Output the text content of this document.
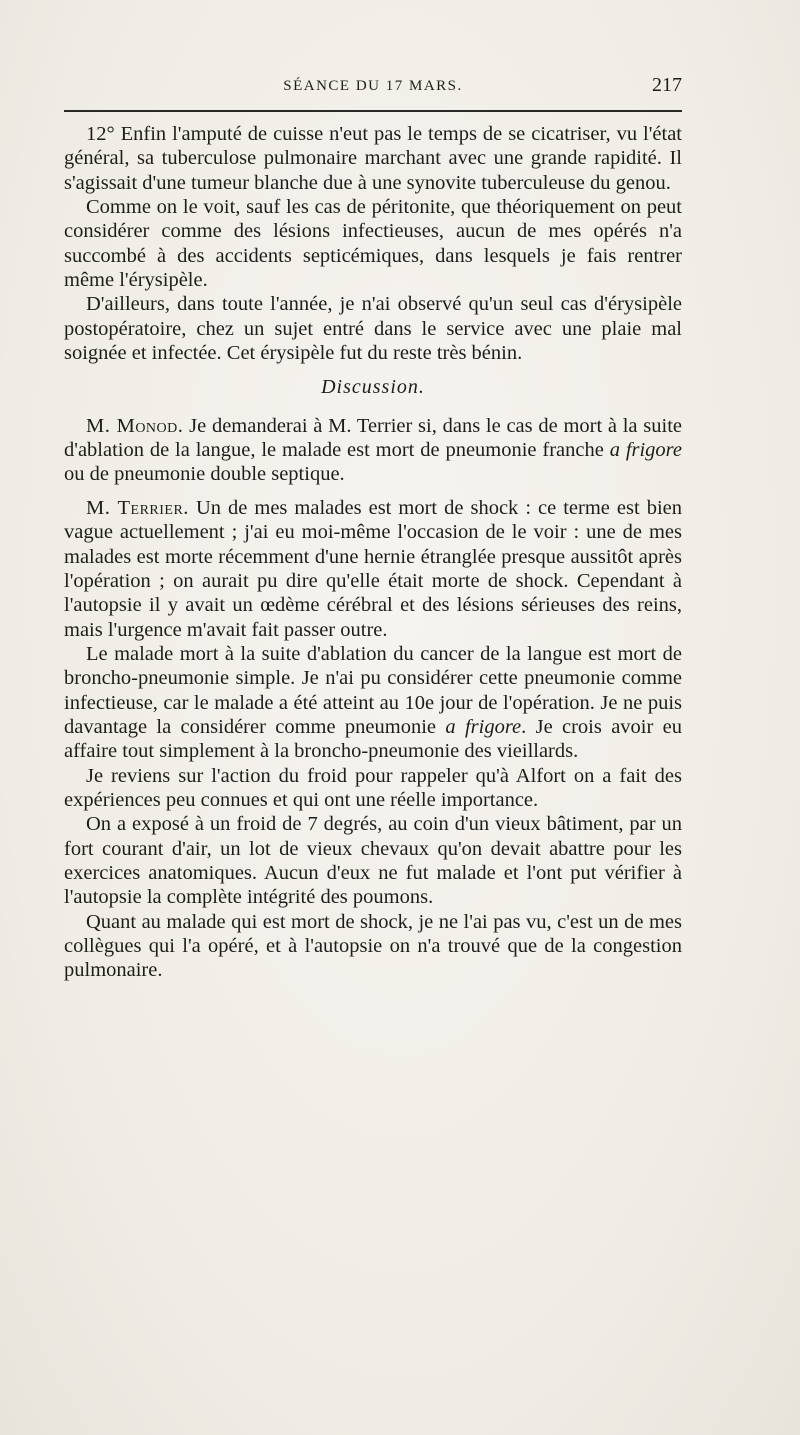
SÉANCE DU 17 MARS.	217

12° Enfin l'amputé de cuisse n'eut pas le temps de se cicatriser, vu l'état général, sa tuberculose pulmonaire marchant avec une grande rapidité. Il s'agissait d'une tumeur blanche due à une synovite tuberculeuse du genou.

Comme on le voit, sauf les cas de péritonite, que théoriquement on peut considérer comme des lésions infectieuses, aucun de mes opérés n'a succombé à des accidents septicémiques, dans lesquels je fais rentrer même l'érysipèle.

D'ailleurs, dans toute l'année, je n'ai observé qu'un seul cas d'érysipèle postopératoire, chez un sujet entré dans le service avec une plaie mal soignée et infectée. Cet érysipèle fut du reste très bénin.

Discussion.

M. Monod. Je demanderai à M. Terrier si, dans le cas de mort à la suite d'ablation de la langue, le malade est mort de pneumonie franche a frigore ou de pneumonie double septique.

M. Terrier. Un de mes malades est mort de shock : ce terme est bien vague actuellement ; j'ai eu moi-même l'occasion de le voir : une de mes malades est morte récemment d'une hernie étranglée presque aussitôt après l'opération ; on aurait pu dire qu'elle était morte de shock. Cependant à l'autopsie il y avait un œdème cérébral et des lésions sérieuses des reins, mais l'urgence m'avait fait passer outre.

Le malade mort à la suite d'ablation du cancer de la langue est mort de broncho-pneumonie simple. Je n'ai pu considérer cette pneumonie comme infectieuse, car le malade a été atteint au 10e jour de l'opération. Je ne puis davantage la considérer comme pneumonie a frigore. Je crois avoir eu affaire tout simplement à la broncho-pneumonie des vieillards.

Je reviens sur l'action du froid pour rappeler qu'à Alfort on a fait des expériences peu connues et qui ont une réelle importance.

On a exposé à un froid de 7 degrés, au coin d'un vieux bâtiment, par un fort courant d'air, un lot de vieux chevaux qu'on devait abattre pour les exercices anatomiques. Aucun d'eux ne fut malade et l'ont put vérifier à l'autopsie la complète intégrité des poumons.

Quant au malade qui est mort de shock, je ne l'ai pas vu, c'est un de mes collègues qui l'a opéré, et à l'autopsie on n'a trouvé que de la congestion pulmonaire.
